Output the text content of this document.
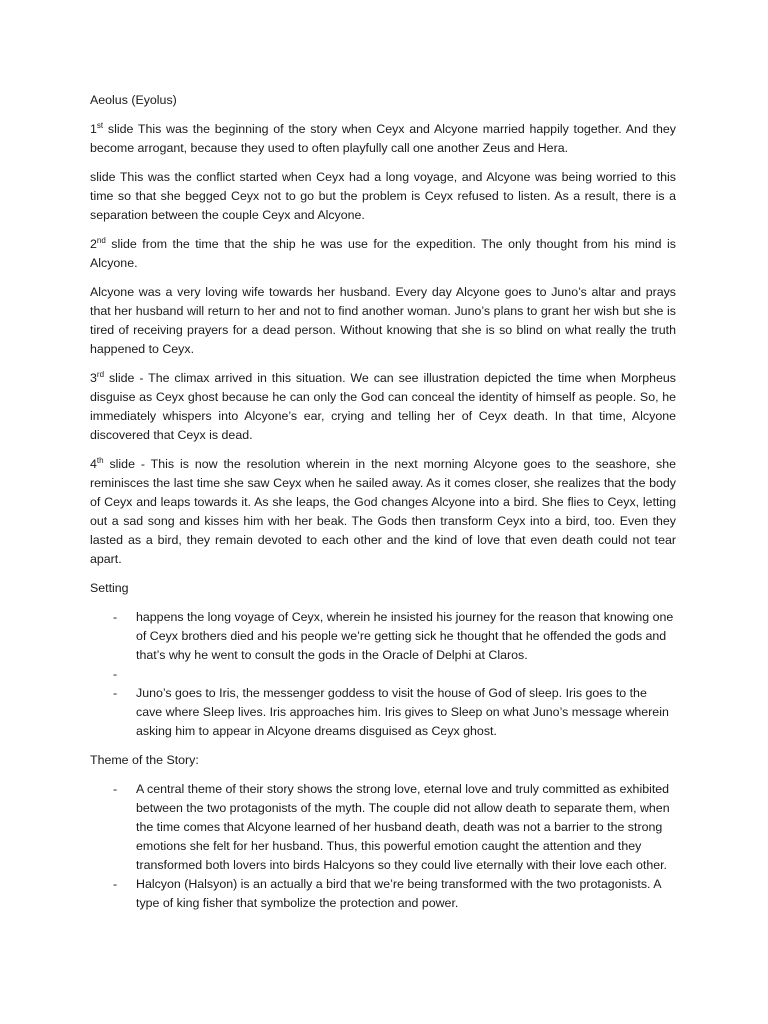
Aeolus (Eyolus)

1st slide This was the beginning of the story when Ceyx and Alcyone married happily together. And they become arrogant, because they used to often playfully call one another Zeus and Hera.

slide This was the conflict started when Ceyx had a long voyage, and Alcyone was being worried to this time so that she begged Ceyx not to go but the problem is Ceyx refused to listen. As a result, there is a separation between the couple Ceyx and Alcyone.

2nd slide from the time that the ship he was use for the expedition. The only thought from his mind is Alcyone.

Alcyone was a very loving wife towards her husband. Every day Alcyone goes to Juno’s altar and prays that her husband will return to her and not to find another woman. Juno’s plans to grant her wish but she is tired of receiving prayers for a dead person. Without knowing that she is so blind on what really the truth happened to Ceyx.

3rd slide - The climax arrived in this situation. We can see illustration depicted the time when Morpheus disguise as Ceyx ghost because he can only the God can conceal the identity of himself as people. So, he immediately whispers into Alcyone’s ear, crying and telling her of Ceyx death. In that time, Alcyone discovered that Ceyx is dead.

4th slide - This is now the resolution wherein in the next morning Alcyone goes to the seashore, she reminisces the last time she saw Ceyx when he sailed away. As it comes closer, she realizes that the body of Ceyx and leaps towards it. As she leaps, the God changes Alcyone into a bird. She flies to Ceyx, letting out a sad song and kisses him with her beak. The Gods then transform Ceyx into a bird, too. Even they lasted as a bird, they remain devoted to each other and the kind of love that even death could not tear apart.

Setting

- happens the long voyage of Ceyx, wherein he insisted his journey for the reason that knowing one of Ceyx brothers died and his people we’re getting sick he thought that he offended the gods and that’s why he went to consult the gods in the Oracle of Delphi at Claros.
-
- Juno’s goes to Iris, the messenger goddess to visit the house of God of sleep. Iris goes to the cave where Sleep lives. Iris approaches him. Iris gives to Sleep on what Juno’s message wherein asking him to appear in Alcyone dreams disguised as Ceyx ghost.

Theme of the Story:

- A central theme of their story shows the strong love, eternal love and truly committed as exhibited between the two protagonists of the myth. The couple did not allow death to separate them, when the time comes that Alcyone learned of her husband death, death was not a barrier to the strong emotions she felt for her husband. Thus, this powerful emotion caught the attention and they transformed both lovers into birds Halcyons so they could live eternally with their love each other.
- Halcyon (Halsyon) is an actually a bird that we’re being transformed with the two protagonists. A type of king fisher that symbolize the protection and power.
